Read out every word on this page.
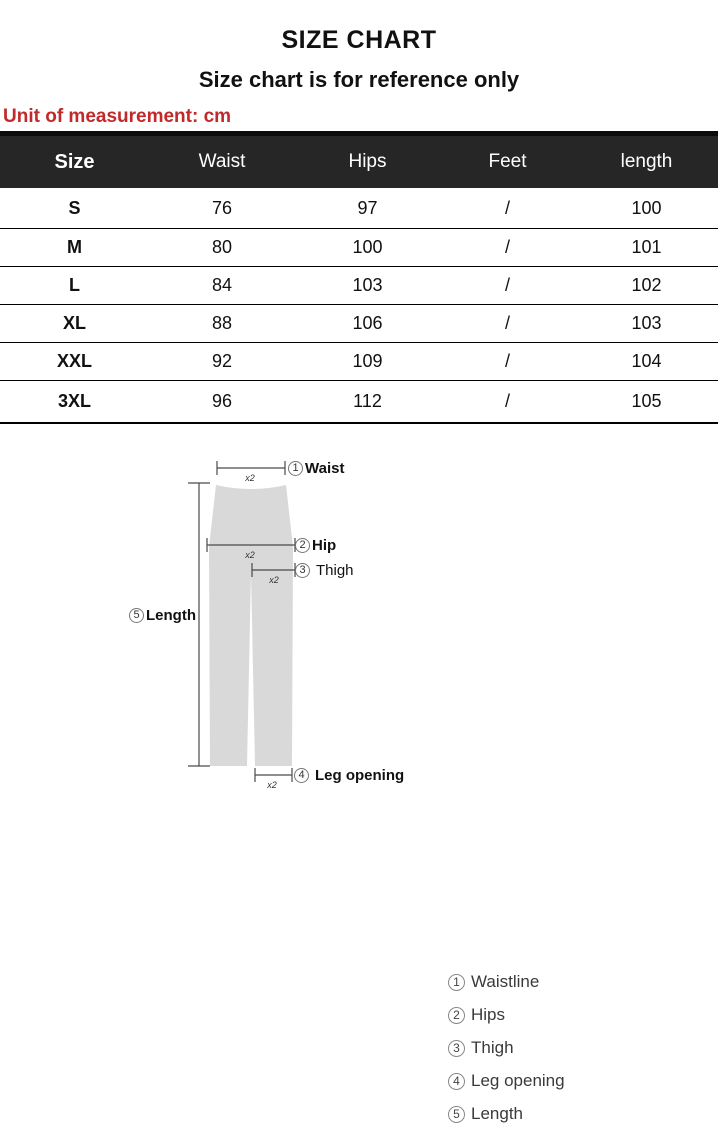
SIZE CHART
Size chart is for reference only
Unit of measurement: cm
Size	Waist	Hips	Feet	length
S	76	97	/	100
M	80	100	/	101
L	84	103	/	102
XL	88	106	/	103
XXL	92	109	/	104
3XL	96	112	/	105
x2
x2
x2
x2
1 Waist
2 Hip
3 Thigh
4 Leg opening
5 Length
1 Waistline
2 Hips
3 Thigh
4 Leg opening
5 Length
